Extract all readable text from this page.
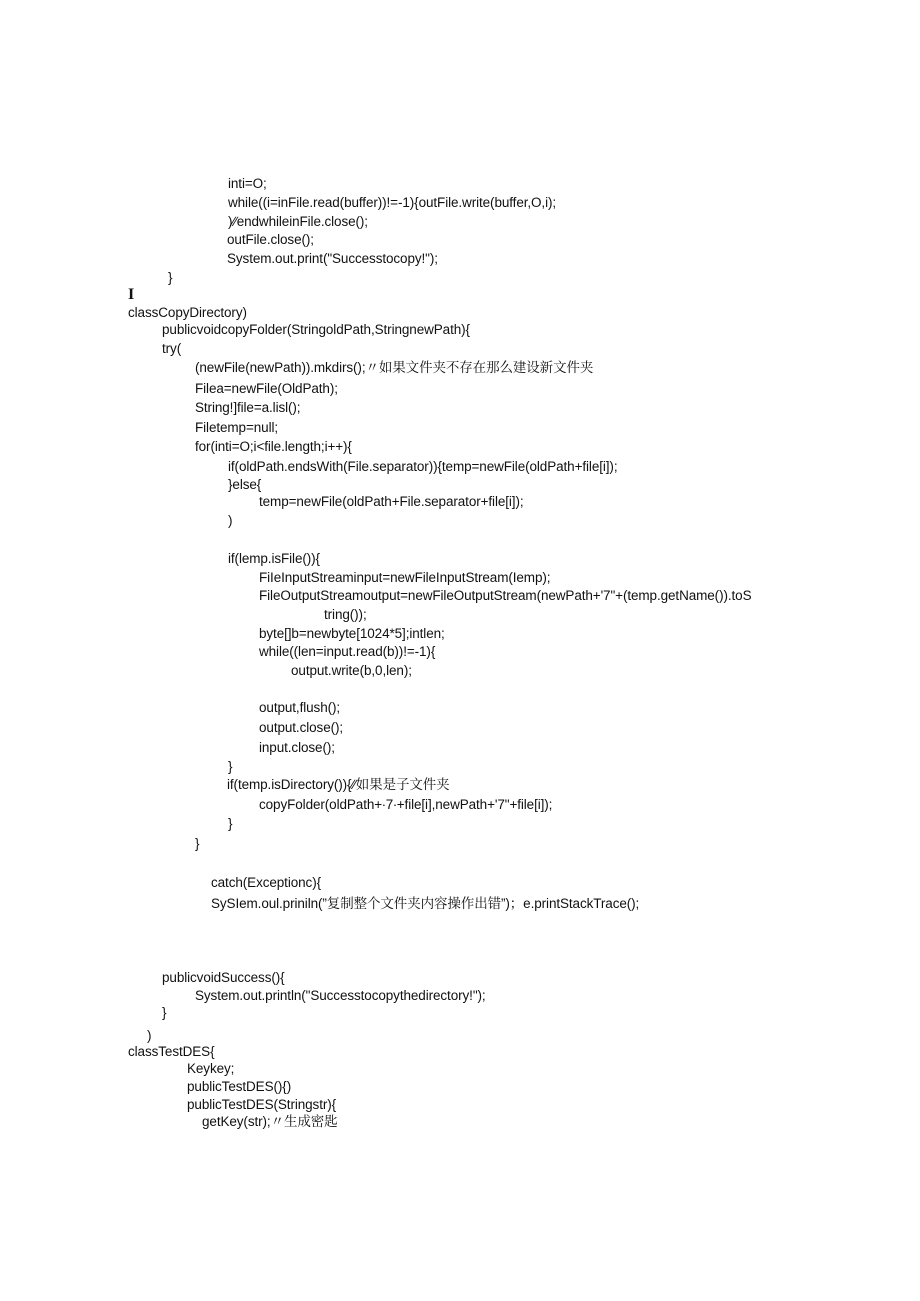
inti=O;
while((i=inFile.read(buffer))!=-1){outFile.write(buffer,O,i);
)∕∕endwhileinFile.close();
outFile.close();
System.out.print("Successtocopy!");
}
I
classCopyDirectory)
publicvoidcopyFolder(StringoldPath,StringnewPath){
try(
(newFile(newPath)).mkdirs();〃如果文件夹不存在那么建设新文件夹
Filea=newFile(OldPath);
String!]file=a.lisl();
Filetemp=null;
for(inti=O;i<file.length;i++){
if(oldPath.endsWith(File.separator)){temp=newFile(oldPath+file[i]);
}else{
temp=newFile(oldPath+File.separator+file[i]);
)
if(lemp.isFile()){
FiIeInputStreaminput=newFileInputStream(Iemp);
FileOutputStreamoutput=newFileOutputStream(newPath+'7"+(temp.getName()).toS
tring());
byte[]b=newbyte[1024*5];intlen;
while((len=input.read(b))!=-1){
output.write(b,0,len);
output,flush();
output.close();
input.close();
}
if(temp.isDirectory()){∕∕如果是子文件夹
copyFolder(oldPath+∙7∙+file[i],newPath+'7"+file[i]);
}
}
catch(Exceptionc){
SySIem.oul.priniln(”复制整个文件夹内容操作出错”)；e.printStackTrace();
publicvoidSuccess(){
System.out.println("Successtocopythedirectory!");
}
)
classTestDES{
Keykey;
publicTestDES(){)
publicTestDES(Stringstr){
getKey(str);〃生成密匙
